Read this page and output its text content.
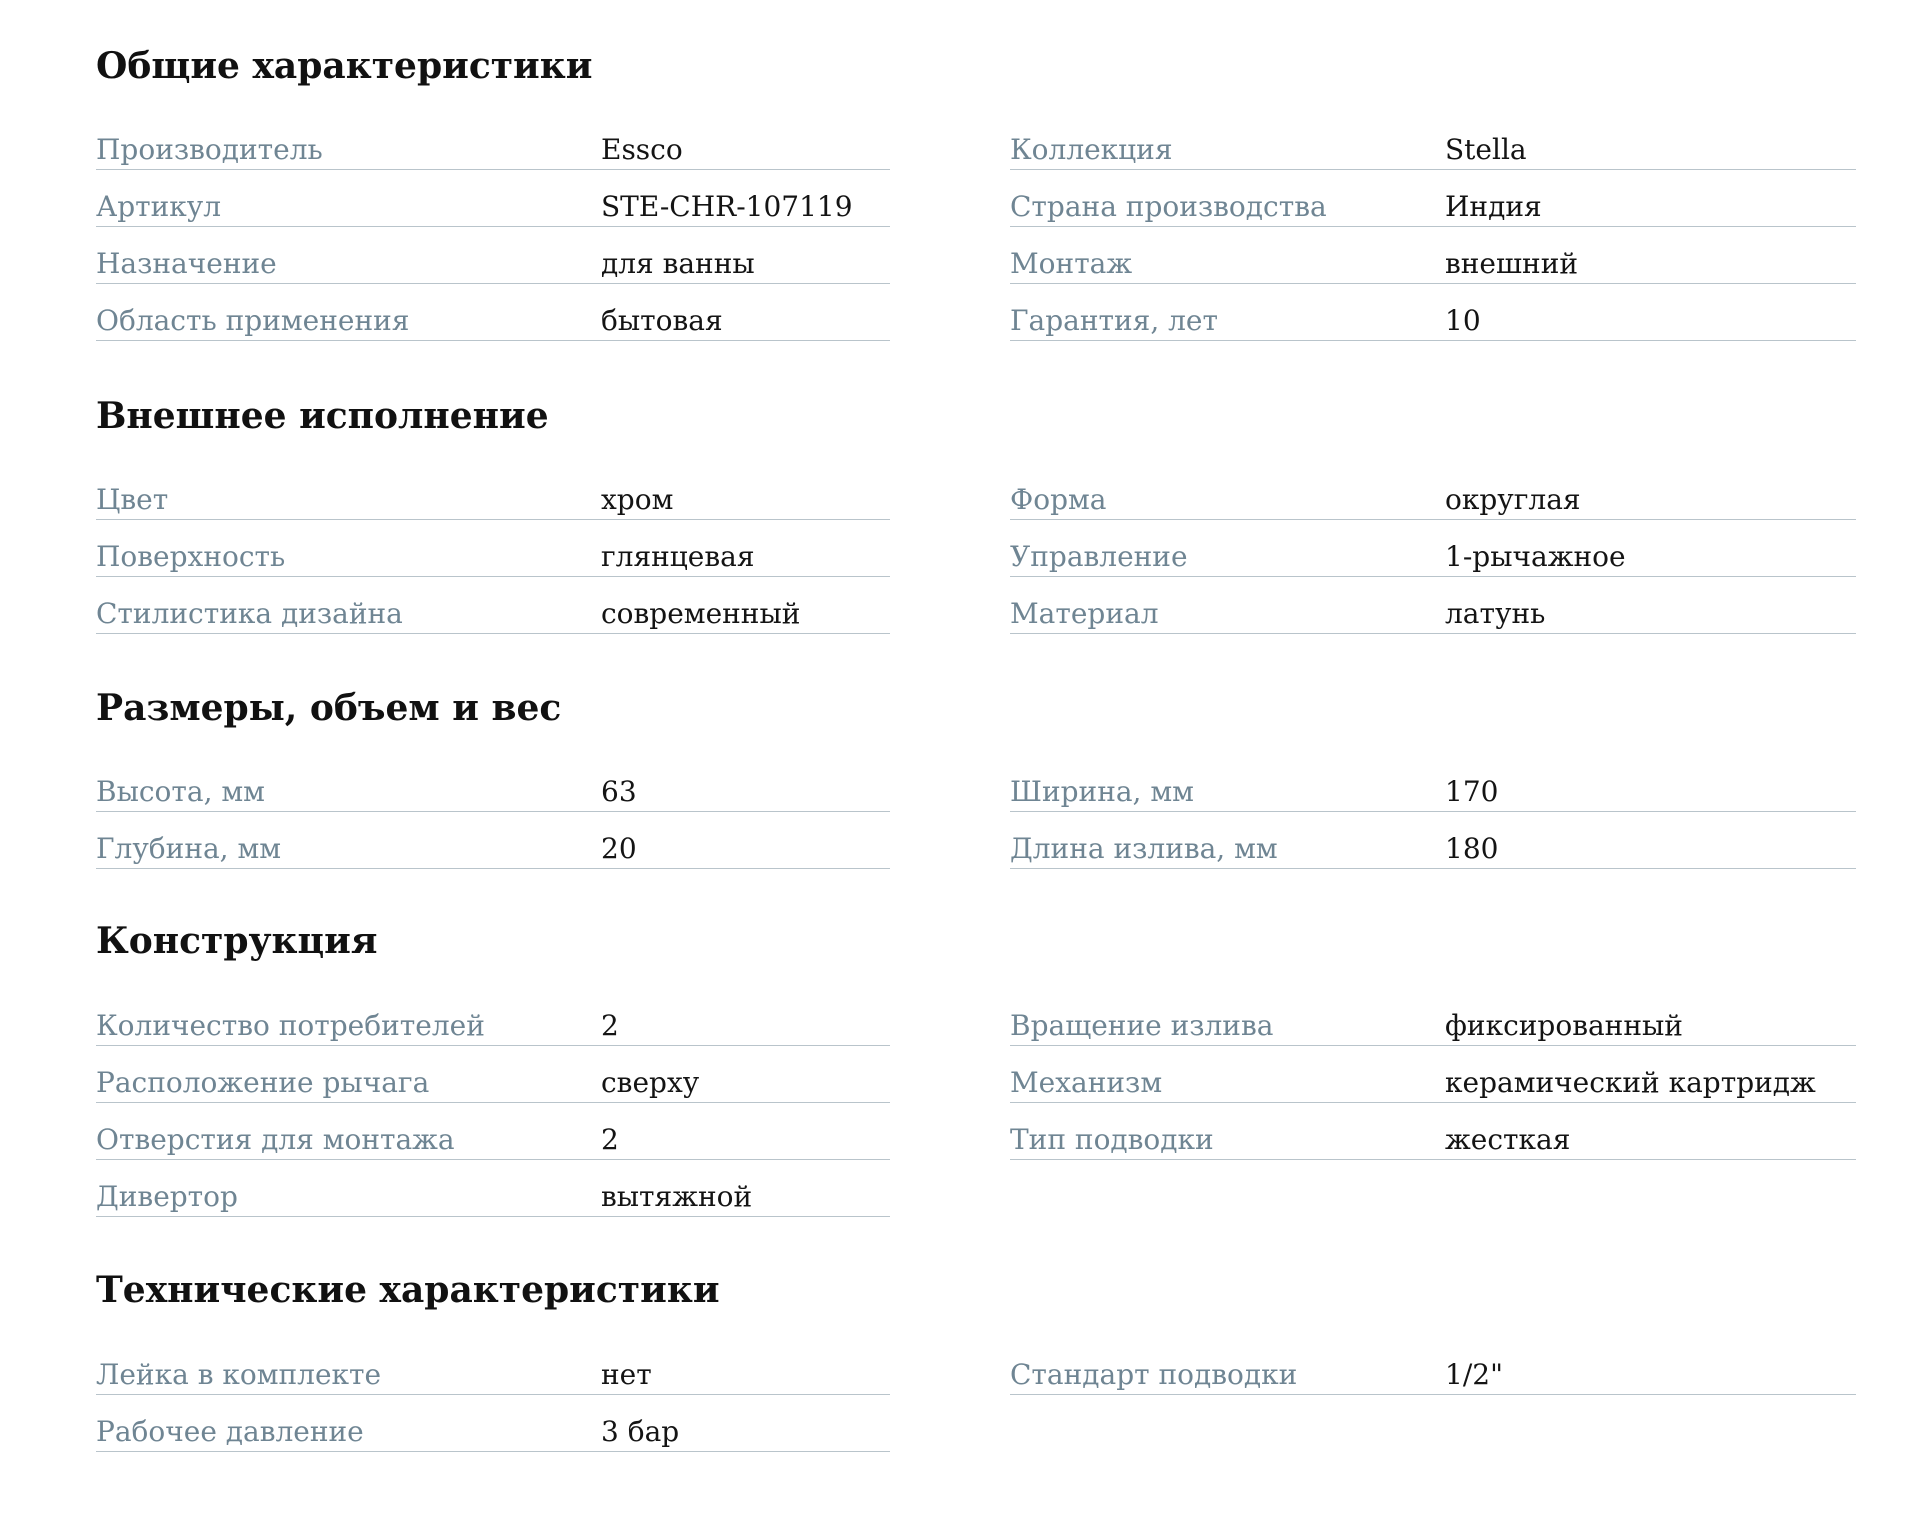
Общие характеристики
Производитель	Essco
Артикул	STE-CHR-107119
Назначение	для ванны
Область применения	бытовая
Коллекция	Stella
Страна производства	Индия
Монтаж	внешний
Гарантия, лет	10
Внешнее исполнение
Цвет	хром
Поверхность	глянцевая
Стилистика дизайна	современный
Форма	округлая
Управление	1-рычажное
Материал	латунь
Размеры, объем и вес
Высота, мм	63
Глубина, мм	20
Ширина, мм	170
Длина излива, мм	180
Конструкция
Количество потребителей	2
Расположение рычага	сверху
Отверстия для монтажа	2
Дивертор	вытяжной
Вращение излива	фиксированный
Механизм	керамический картридж
Тип подводки	жесткая
Технические характеристики
Лейка в комплекте	нет
Рабочее давление	3 бар
Стандарт подводки	1/2"
